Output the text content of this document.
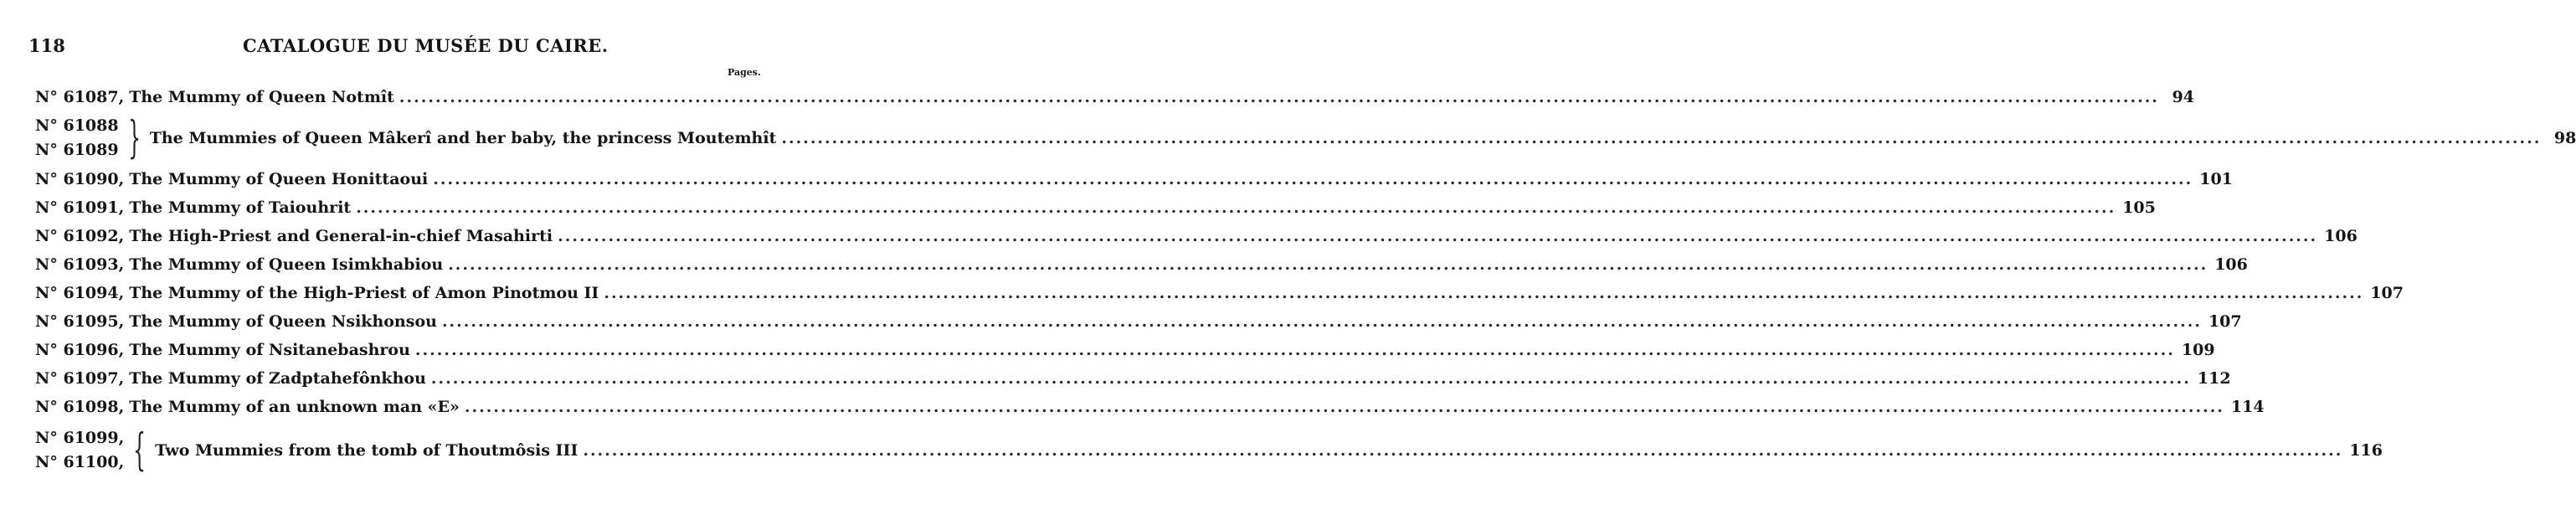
118	CATALOGUE DU MUSÉE DU CAIRE.
Pages.
N° 61087, The Mummy of Queen Notmît .....	94
N° 61088
N° 61089 } The Mummies of Queen Mâkerî and her baby, the princess Moutemhît .....	98
N° 61090, The Mummy of Queen Honittaoui .....	101
N° 61091, The Mummy of Taiouhrit .....	105
N° 61092, The High-Priest and General-in-chief Masahirti .....	106
N° 61093, The Mummy of Queen Isimkhabiou .....	106
N° 61094, The Mummy of the High-Priest of Amon Pinotmou II .....	107
N° 61095, The Mummy of Queen Nsikhonsou .....	107
N° 61096, The Mummy of Nsitanebashrou .....	109
N° 61097, The Mummy of Zadptahefônkhou .....	112
N° 61098, The Mummy of an unknown man «E» .....	114
N° 61099,
N° 61100, { Two Mummies from the tomb of Thoutmôsis III .....	116
